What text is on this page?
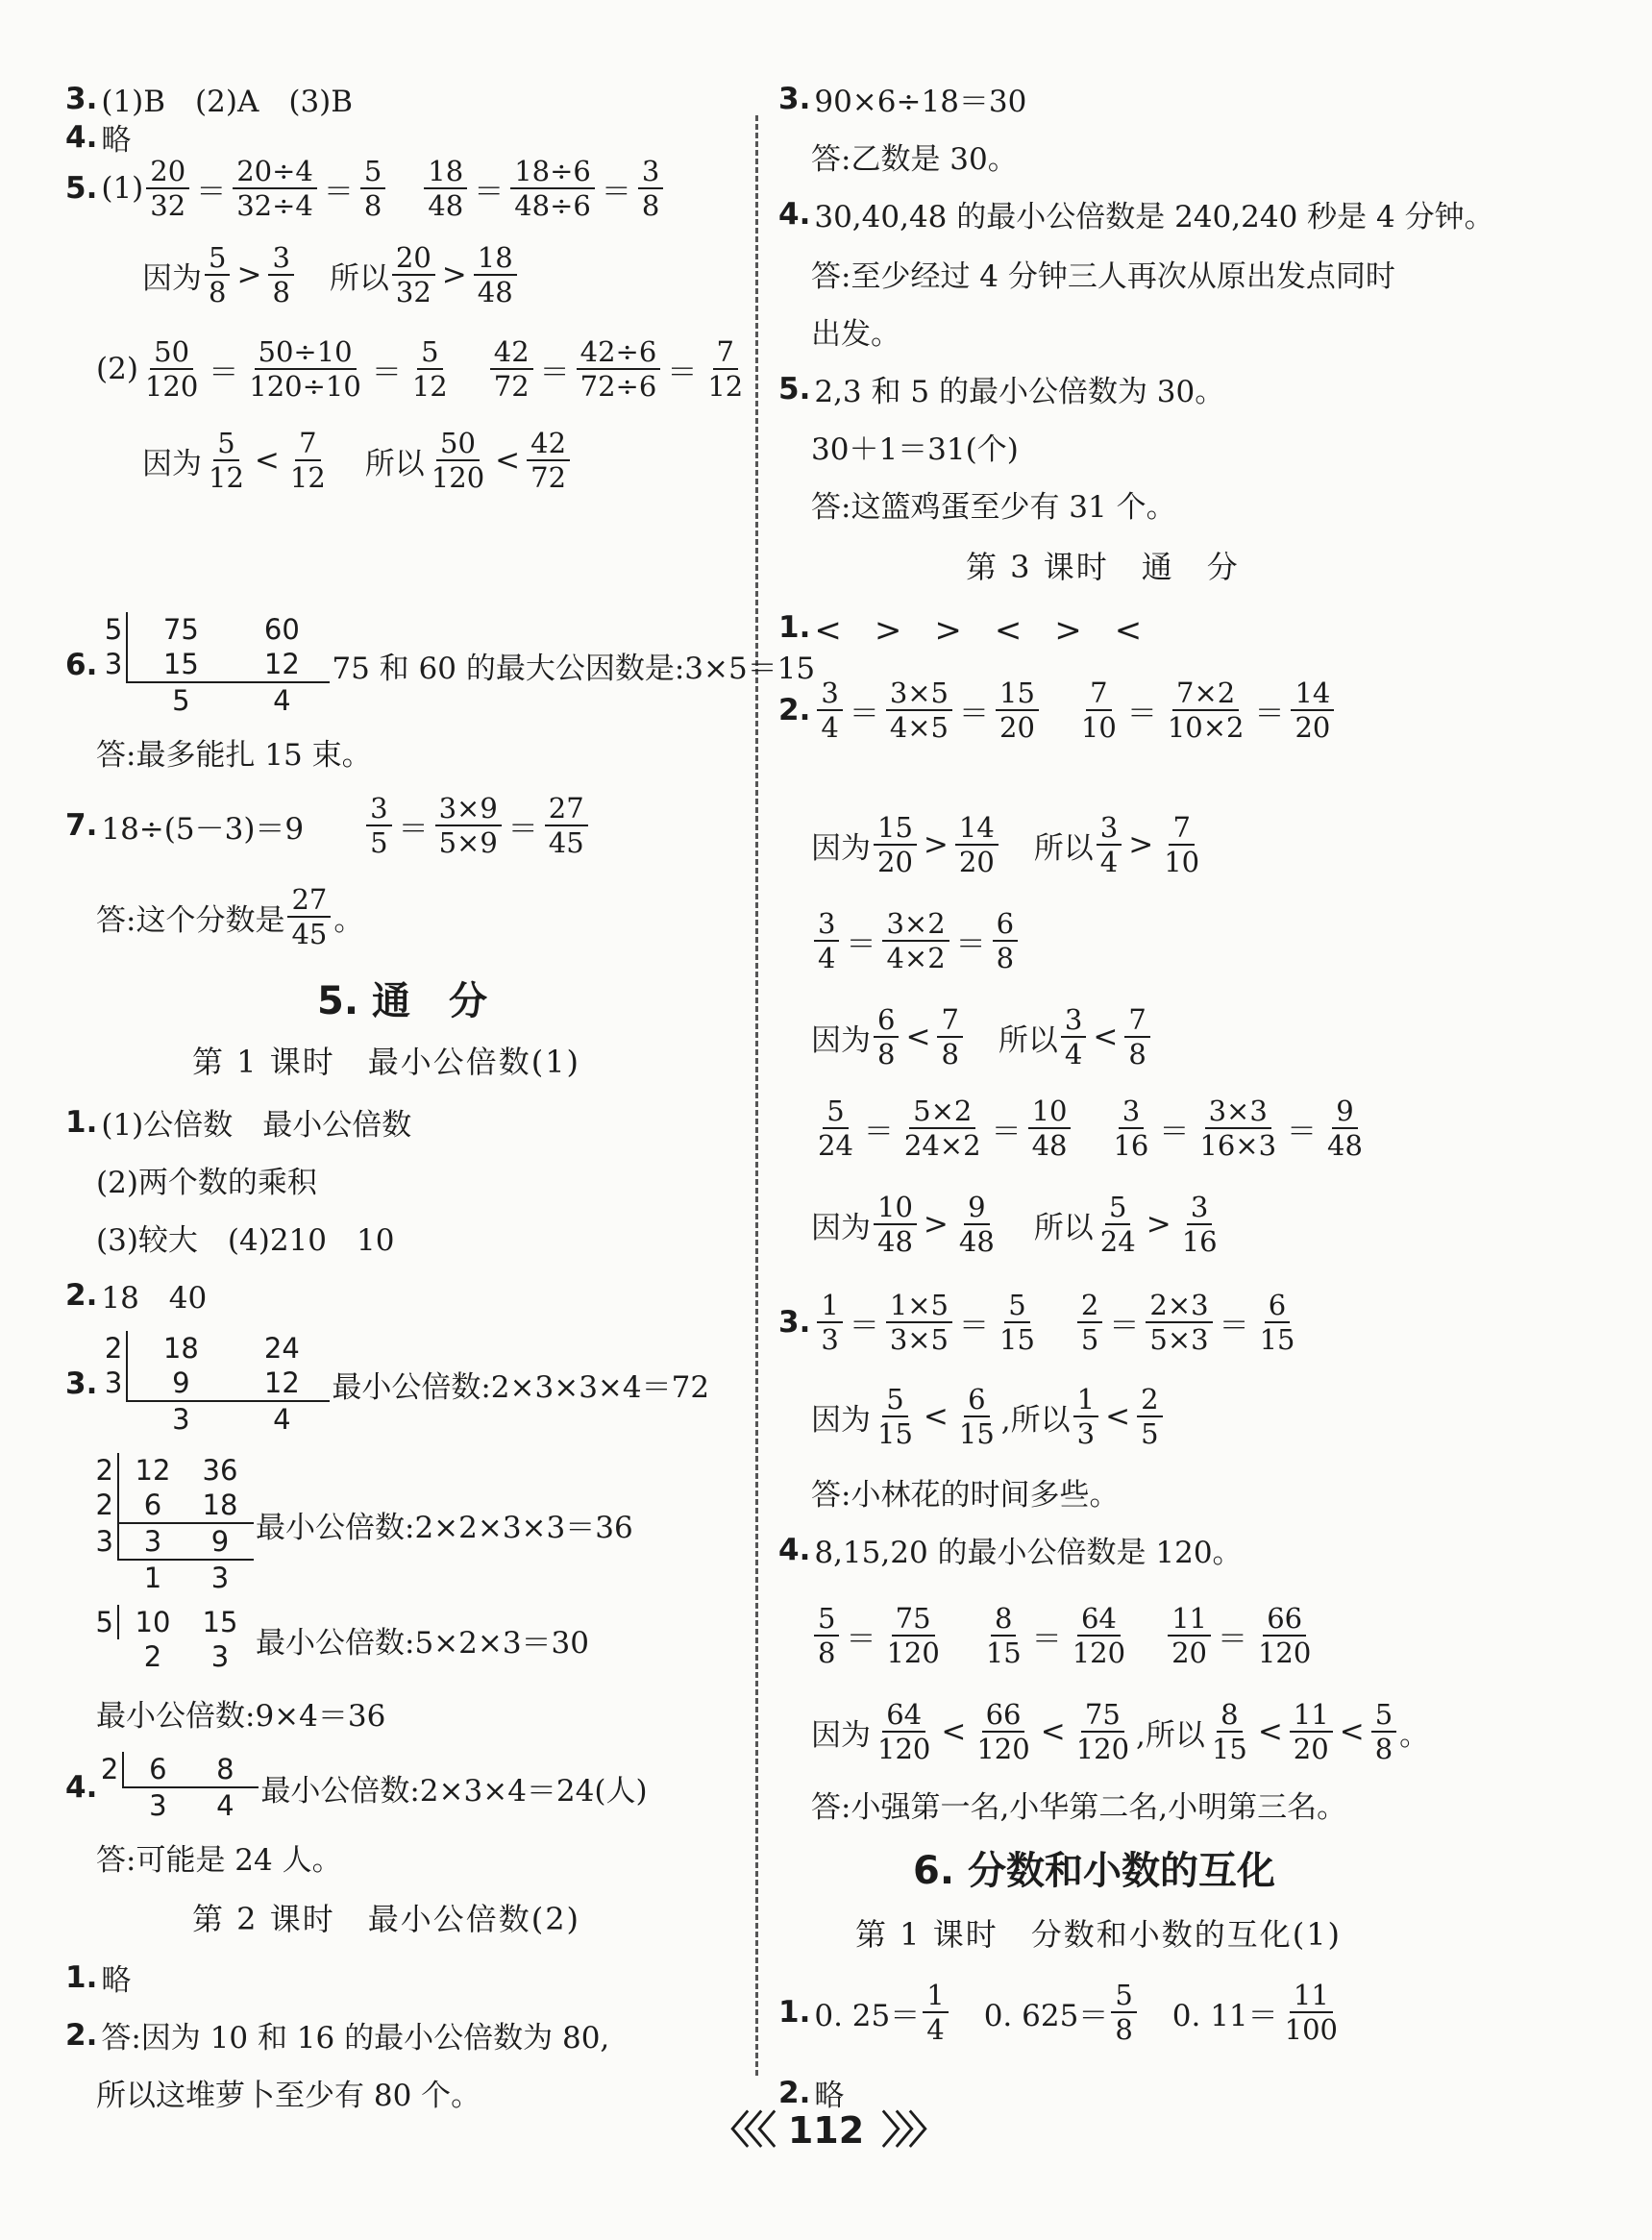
3. (1)B　(2)A　(3)B
4. 略
5. (1)
20
32 ＝
20÷4
32÷4 ＝
5
8
18
48 ＝
18÷6
48÷6 ＝
3
8
因为
5
8 >
3
8 所以
20
32 >
18
48
(2)
50
120 ＝
50÷10
120÷10 ＝
5
12
42
72 ＝
42÷6
72÷6 ＝
7
12
因为
5
12 <
7
12 所以
50
120 <
42
72
6.
5	75	60
3	15	12
5	4
75 和 60 的最大公因数是:3×5＝15
答:最多能扎 15 束。
7. 18÷(5－3)＝9
3
5 ＝
3×9
5×9 ＝
27
45
答:这个分数是
27
45 。
5. 通　分
第 1 课时　最小公倍数(1)
1. (1)公倍数　最小公倍数
(2)两个数的乘积
(3)较大　(4)210　10
2. 18　40
3.
2	18	24
3	9	12
3	4
最小公倍数:2×3×3×4＝72
2 12	36
2	6	18
3	3	9
1	3
最小公倍数:2×2×3×3＝36
5 10	15
2	3 最小公倍数:5×2×3＝30
最小公倍数:9×4＝36
4.
2	6	8
3	4 最小公倍数:2×3×4＝24(人)
答:可能是 24 人。
第 2 课时　最小公倍数(2)
1. 略
2. 答:因为 10 和 16 的最小公倍数为 80,
所以这堆萝卜至少有 80 个。
3. 90×6÷18＝30
答:乙数是 30。
4. 30,40,48 的最小公倍数是 240,240 秒是 4 分钟。
答:至少经过 4 分钟三人再次从原出发点同时
出发。
5. 2,3 和 5 的最小公倍数为 30。
30＋1＝31(个)
答:这篮鸡蛋至少有 31 个。
第 3 课时　通　分
1. <　>　>　<　>　<
2.
3
4 ＝
3×5
4×5 ＝
15
20
7
10 ＝
7×2
10×2 ＝
14
20
因为
15
20 >
14
20 所以
3
4 >
7
10
3
4 ＝
3×2
4×2 ＝
6
8
因为
6
8 <
7
8 所以
3
4 <
7
8
5
24 ＝
5×2
24×2 ＝
10
48
3
16 ＝
3×3
16×3 ＝
9
48
因为
10
48 >
9
48 所以
5
24 >
3
16
3.
1
3 ＝
1×5
3×5 ＝
5
15
2
5 ＝
2×3
5×3 ＝
6
15
因为
5
15 <
6
15 ,所以
1
3 <
2
5
答:小林花的时间多些。
4. 8,15,20 的最小公倍数是 120。
5
8 ＝
75
120
8
15 ＝
64
120
11
20 ＝
66
120
因为
64
120 <
66
120 <
75
120 ,所以
8
15 <
11
20 <
5
8 。
答:小强第一名,小华第二名,小明第三名。
6. 分数和小数的互化
第 1 课时　分数和小数的互化(1)
1. 0. 25＝
1
4 0. 625＝
5
8 0. 11＝
11
100
2. 略
〈〈〈 112 〉〉〉
